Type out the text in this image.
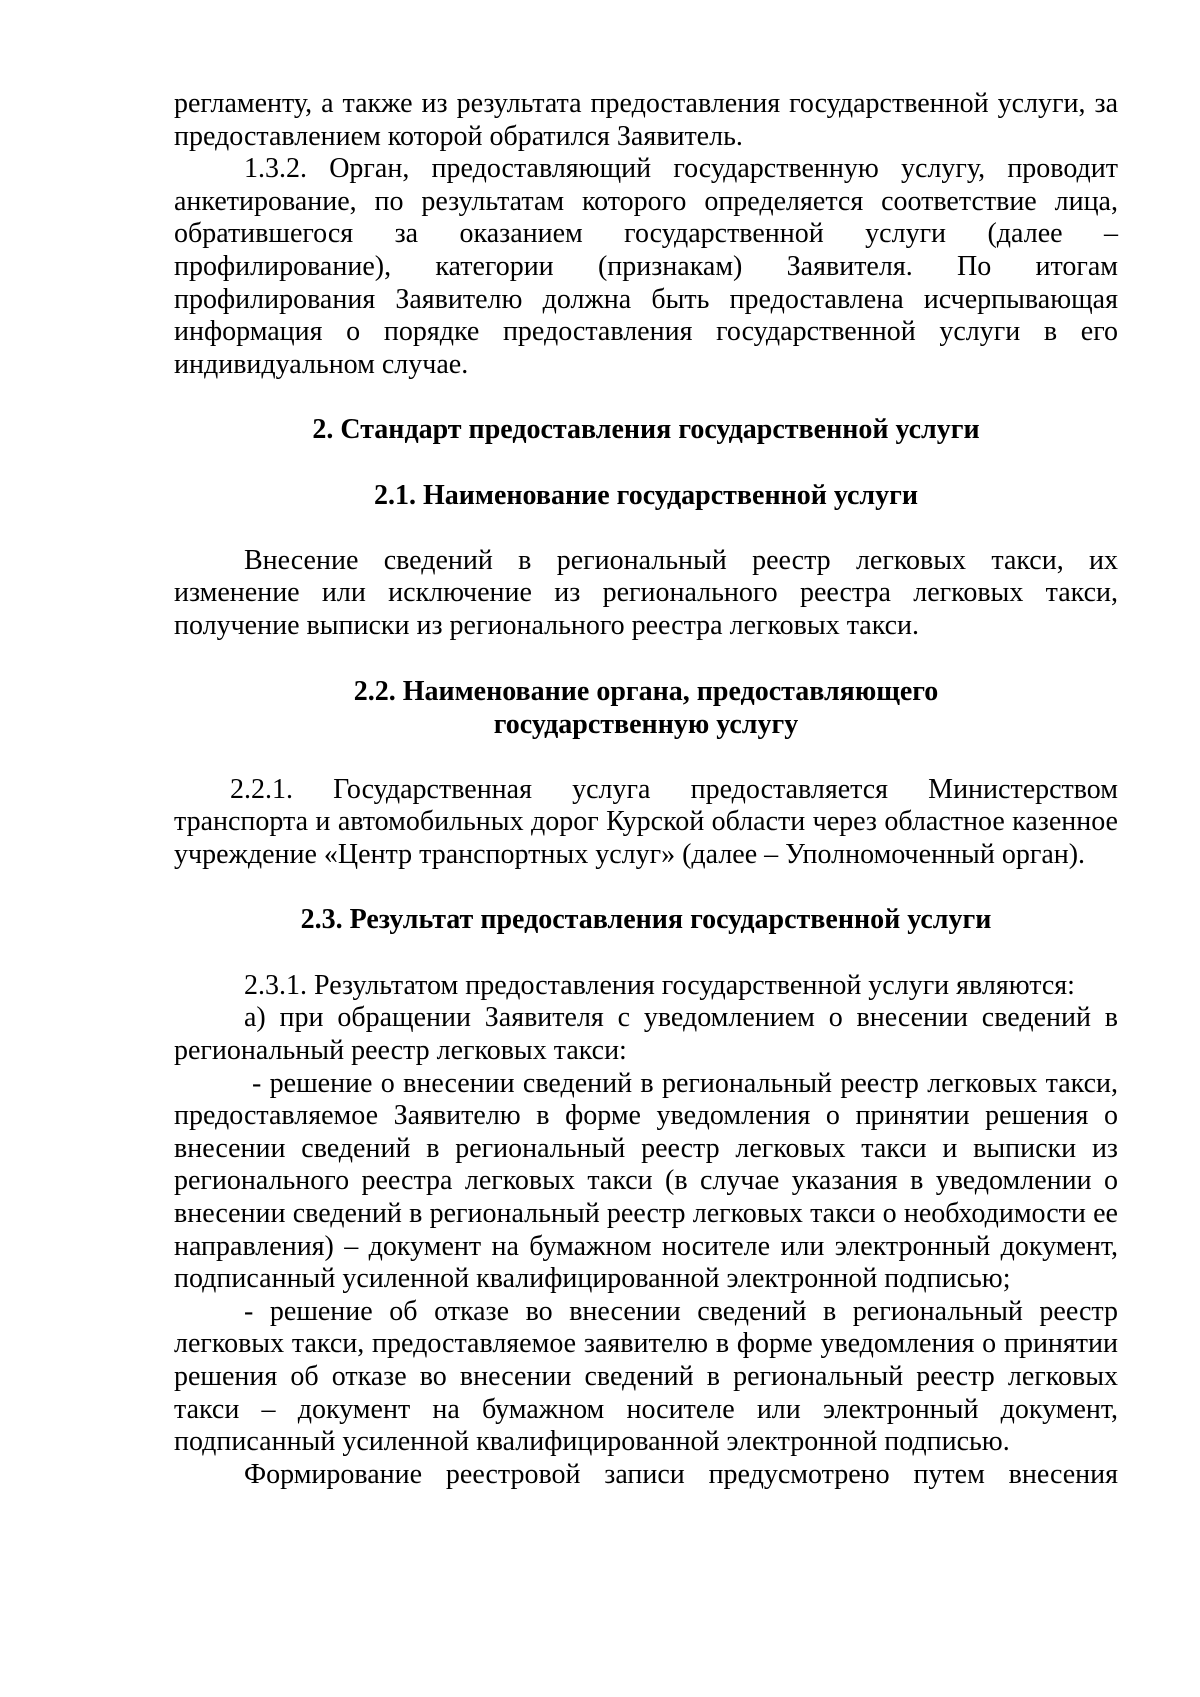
регламенту, а также из результата предоставления государственной услуги, за предоставлением которой обратился Заявитель.

1.3.2. Орган, предоставляющий государственную услугу, проводит анкетирование, по результатам которого определяется соответствие лица, обратившегося за оказанием государственной услуги (далее – профилирование), категории (признакам) Заявителя. По итогам профилирования Заявителю должна быть предоставлена исчерпывающая информация о порядке предоставления государственной услуги в его индивидуальном случае.

2. Стандарт предоставления государственной услуги
2.1. Наименование государственной услуги

Внесение сведений в региональный реестр легковых такси, их изменение или исключение из регионального реестра легковых такси, получение выписки из регионального реестра легковых такси.

2.2. Наименование органа, предоставляющего
государственную услугу

2.2.1. Государственная услуга предоставляется Министерством транспорта и автомобильных дорог Курской области через областное казенное учреждение «Центр транспортных услуг» (далее – Уполномоченный орган).

2.3. Результат предоставления государственной услуги

2.3.1. Результатом предоставления государственной услуги являются:

а) при обращении Заявителя с уведомлением о внесении сведений в региональный реестр легковых такси:

- решение о внесении сведений в региональный реестр легковых такси, предоставляемое Заявителю в форме уведомления о принятии решения о внесении сведений в региональный реестр легковых такси и выписки из регионального реестра легковых такси (в случае указания в уведомлении о внесении сведений в региональный реестр легковых такси о необходимости ее направления) – документ на бумажном носителе или электронный документ, подписанный усиленной квалифицированной электронной подписью;

- решение об отказе во внесении сведений в региональный реестр легковых такси, предоставляемое заявителю в форме уведомления о принятии решения об отказе во внесении сведений в региональный реестр легковых такси – документ на бумажном носителе или электронный документ, подписанный усиленной квалифицированной электронной подписью.

Формирование реестровой записи предусмотрено путем внесения
